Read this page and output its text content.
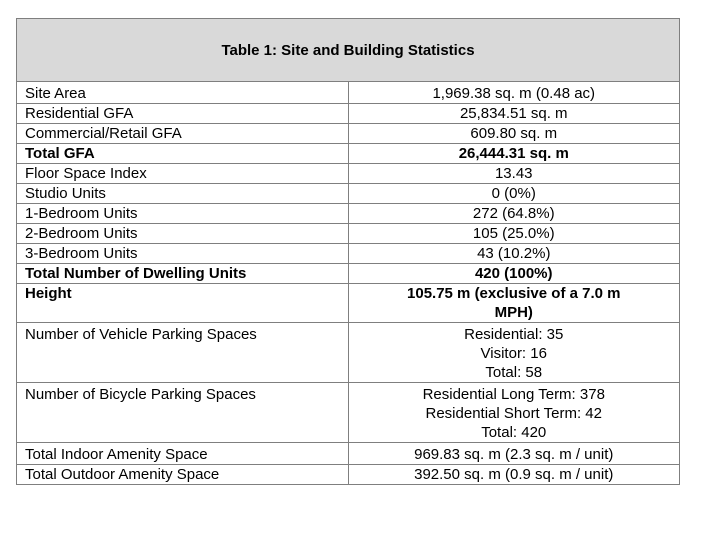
Table 1: Site and Building Statistics	
Site Area	1,969.38 sq. m (0.48 ac)
Residential GFA	25,834.51 sq. m
Commercial/Retail GFA	609.80 sq. m
Total GFA	26,444.31 sq. m
Floor Space Index	13.43
Studio Units	0 (0%)
1-Bedroom Units	272 (64.8%)
2-Bedroom Units	105 (25.0%)
3-Bedroom Units	43 (10.2%)
Total Number of Dwelling Units	420 (100%)
Height	105.75 m (exclusive of a 7.0 m
MPH)

Number of Vehicle Parking Spaces	Residential: 35
Visitor: 16
Total: 58

Number of Bicycle Parking Spaces	Residential Long Term: 378
Residential Short Term: 42
Total: 420

Total Indoor Amenity Space	969.83 sq. m (2.3 sq. m / unit)
Total Outdoor Amenity Space	392.50 sq. m (0.9 sq. m / unit)
